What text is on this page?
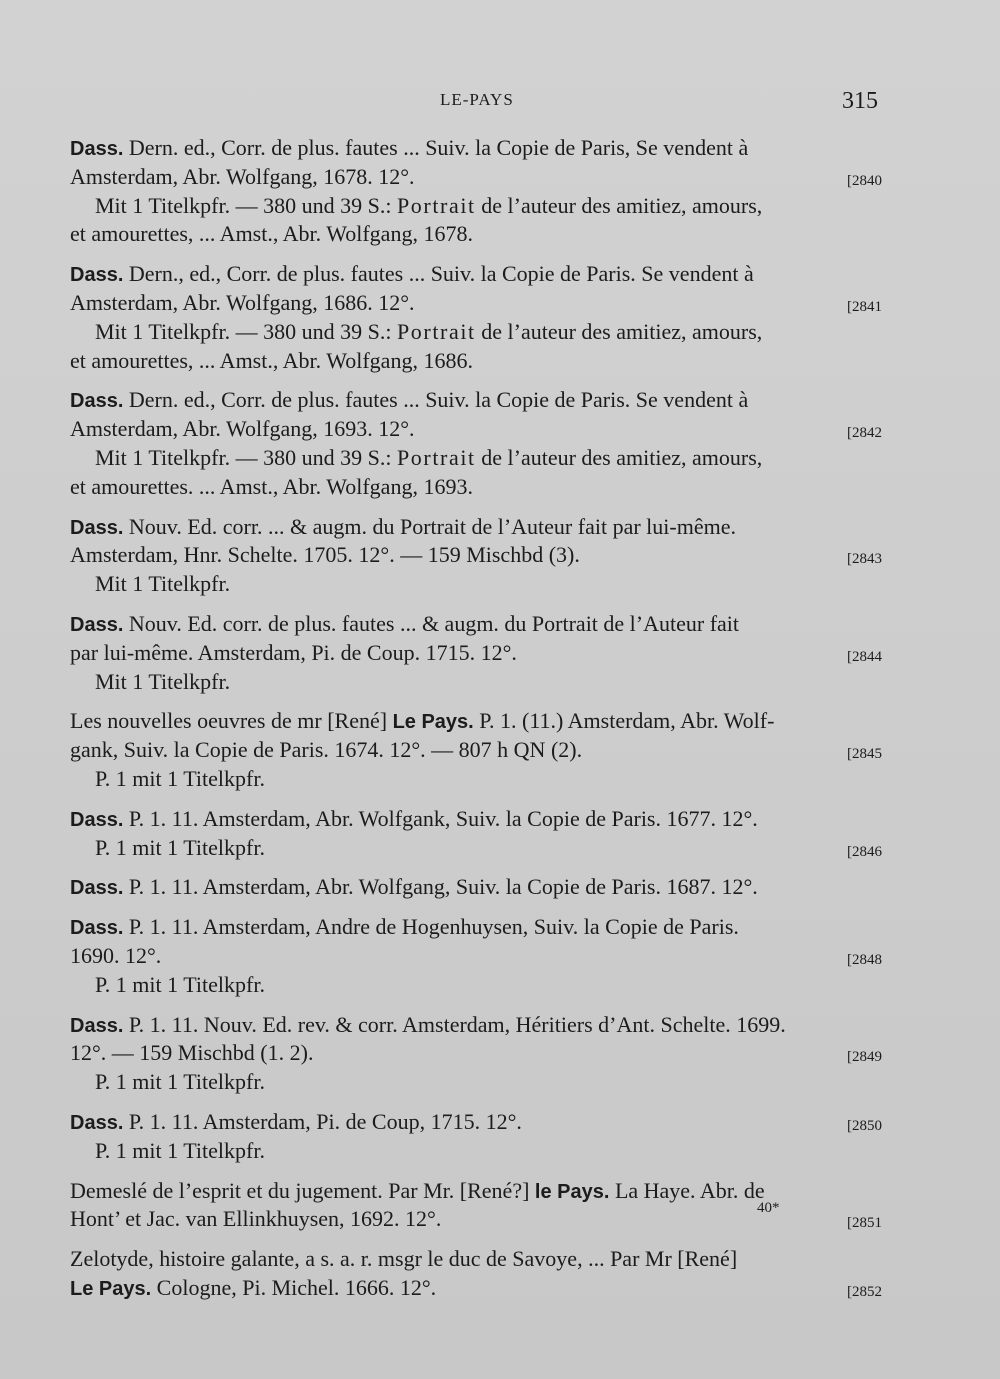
LE-PAYS	315
Dass. Dern. ed., Corr. de plus. fautes ... Suiv. la Copie de Paris, Se vendent à
Amsterdam, Abr. Wolfgang, 1678. 12°.	[2840
Mit 1 Titelkpfr. — 380 und 39 S.: Portrait de l’auteur des amitiez, amours,
et amourettes, ... Amst., Abr. Wolfgang, 1678.
Dass. Dern., ed., Corr. de plus. fautes ... Suiv. la Copie de Paris. Se vendent à
Amsterdam, Abr. Wolfgang, 1686. 12°.	[2841
Mit 1 Titelkpfr. — 380 und 39 S.: Portrait de l’auteur des amitiez, amours,
et amourettes, ... Amst., Abr. Wolfgang, 1686.
Dass. Dern. ed., Corr. de plus. fautes ... Suiv. la Copie de Paris. Se vendent à
Amsterdam, Abr. Wolfgang, 1693. 12°.	[2842
Mit 1 Titelkpfr. — 380 und 39 S.: Portrait de l’auteur des amitiez, amours,
et amourettes. ... Amst., Abr. Wolfgang, 1693.
Dass. Nouv. Ed. corr. ... & augm. du Portrait de l’Auteur fait par lui-même.
Amsterdam, Hnr. Schelte. 1705. 12°. — 159 Mischbd (3).	[2843
Mit 1 Titelkpfr.
Dass. Nouv. Ed. corr. de plus. fautes ... & augm. du Portrait de l’Auteur fait
par lui-même. Amsterdam, Pi. de Coup. 1715. 12°.	[2844
Mit 1 Titelkpfr.
Les nouvelles oeuvres de mr [René] Le Pays. P. 1. (11.) Amsterdam, Abr. Wolf-
gank, Suiv. la Copie de Paris. 1674. 12°. — 807 h QN (2).	[2845
P. 1 mit 1 Titelkpfr.
Dass. P. 1. 11. Amsterdam, Abr. Wolfgank, Suiv. la Copie de Paris. 1677. 12°.
P. 1 mit 1 Titelkpfr.	[2846
Dass. P. 1. 11. Amsterdam, Abr. Wolfgang, Suiv. la Copie de Paris. 1687. 12°.
Dass. P. 1. 11. Amsterdam, Andre de Hogenhuysen, Suiv. la Copie de Paris.
1690. 12°.	[2848
P. 1 mit 1 Titelkpfr.
Dass. P. 1. 11. Nouv. Ed. rev. & corr. Amsterdam, Héritiers d’Ant. Schelte. 1699.
12°. — 159 Mischbd (1. 2).	[2849
P. 1 mit 1 Titelkpfr.
Dass. P. 1. 11. Amsterdam, Pi. de Coup, 1715. 12°.	[2850
P. 1 mit 1 Titelkpfr.
Demeslé de l’esprit et du jugement. Par Mr. [René?] le Pays. La Haye. Abr. de
Hont’ et Jac. van Ellinkhuysen, 1692. 12°.	[2851
Zelotyde, histoire galante, a s. a. r. msgr le duc de Savoye, ... Par Mr [René]
Le Pays. Cologne, Pi. Michel. 1666. 12°.	[2852
40*
